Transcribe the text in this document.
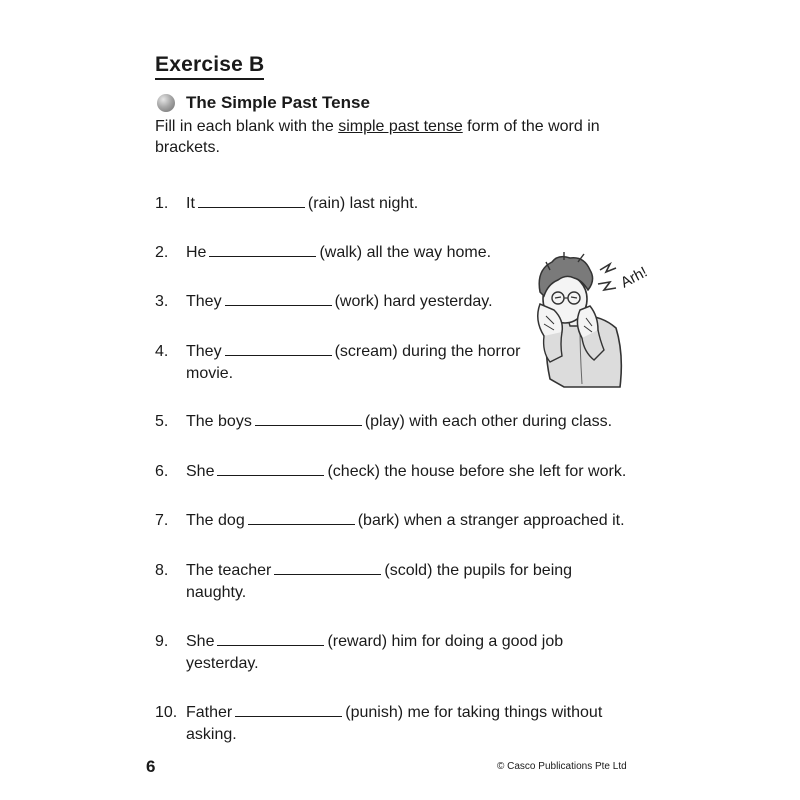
Exercise B
The Simple Past Tense
Fill in each blank with the simple past tense form of the word in brackets.
1. It	(rain) last night.
2. He	(walk) all the way home.
3. They	(work) hard yesterday.
4. They	(scream) during the horror
movie.
5. The boys	(play) with each other during class.
6. She	(check) the house before she left for work.
7. The dog	(bark) when a stranger approached it.
8. The teacher	(scold) the pupils for being
naughty.
9. She	(reward) him for doing a good job
yesterday.
10. Father	(punish) me for taking things without
asking.
Arh!
6	© Casco Publications Pte Ltd
